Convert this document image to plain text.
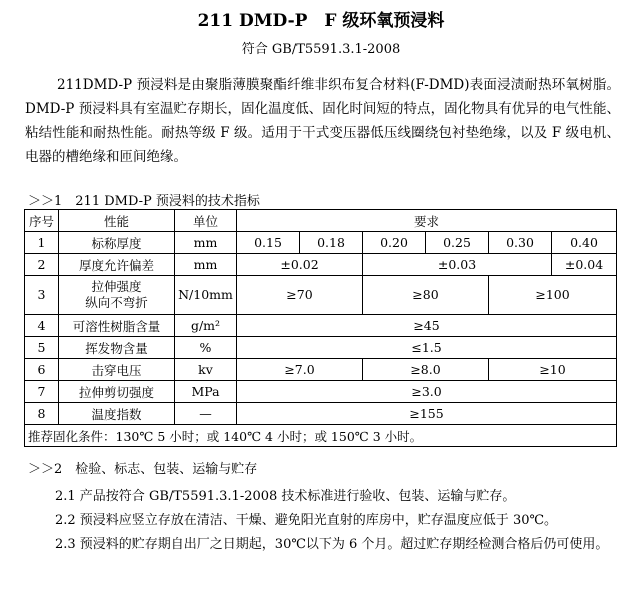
211 DMD-P　F 级环氧预浸料
符合 GB/T5591.3.1-2008
211DMD-P 预浸料是由聚脂薄膜聚酯纤维非织布复合材料(F-DMD)表面浸渍耐热环氧树脂。DMD-P 预浸料具有室温贮存期长，固化温度低、固化时间短的特点，固化物具有优异的电气性能、粘结性能和耐热性能。耐热等级 F 级。适用于干式变压器低压线圈绕包衬垫绝缘，以及 F 级电机、电器的槽绝缘和匝间绝缘。
＞＞1　211 DMD-P 预浸料的技术指标
序号	性能	单位	要求					
1	标称厚度	mm	0.15	0.18	0.20	0.25	0.30	0.40
2	厚度允许偏差	mm	±0.02		±0.03			±0.04
3	拉伸强度
纵向不弯折	N/10mm	≥70		≥80		≥100	
4	可溶性树脂含量	g/m²	≥45					
5	挥发物含量	%	≤1.5					
6	击穿电压	kv	≥7.0		≥8.0		≥10	
7	拉伸剪切强度	MPa	≥3.0					
8	温度指数	—	≥155					
推荐固化条件：130℃ 5 小时；或 140℃ 4 小时；或 150℃ 3 小时。								
＞＞2　检验、标志、包装、运输与贮存
2.1 产品按符合 GB/T5591.3.1-2008 技术标准进行验收、包装、运输与贮存。
2.2 预浸料应竖立存放在清洁、干燥、避免阳光直射的库房中，贮存温度应低于 30℃。
2.3 预浸料的贮存期自出厂之日期起，30℃以下为 6 个月。超过贮存期经检测合格后仍可使用。
